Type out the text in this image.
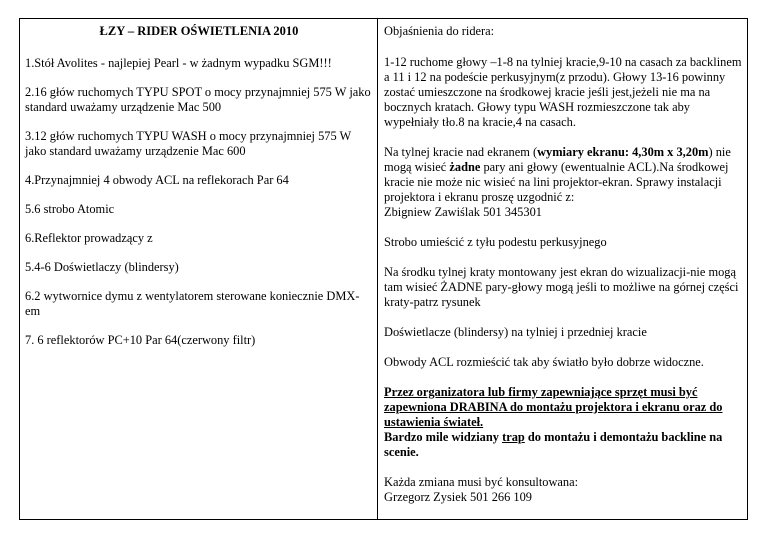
ŁZY – RIDER OŚWIETLENIA 2010

1.Stół Avolites - najlepiej Pearl - w żadnym wypadku SGM!!!

2.16 głów ruchomych TYPU SPOT o mocy przynajmniej 575 W jako standard uważamy urządzenie Mac 500

3.12 głów ruchomych TYPU WASH o mocy przynajmniej 575 W jako standard uważamy urządzenie Mac 600

4.Przynajmniej 4 obwody ACL na reflekorach Par 64

5.6 strobo Atomic

6.Reflektor prowadzący z

5.4-6 Doświetlaczy (blindersy)

6.2 wytwornice dymu z wentylatorem sterowane koniecznie DMX-em

7. 6 reflektorów PC+10 Par 64(czerwony filtr)

Objaśnienia do ridera:

1-12 ruchome głowy –1-8 na tylniej kracie,9-10 na casach za backlinem a 11 i 12 na podeście perkusyjnym(z przodu). Głowy 13-16 powinny zostać umieszczone na środkowej kracie jeśli jest,jeżeli nie ma na bocznych kratach. Głowy typu WASH rozmieszczone tak aby wypełniały tło.8 na kracie,4 na casach.

Na tylnej kracie nad ekranem (wymiary ekranu: 4,30m x 3,20m) nie mogą wisieć żadne pary ani głowy (ewentualnie ACL).Na środkowej kracie nie może nic wisieć na lini projektor-ekran. Sprawy instalacji projektora i ekranu proszę uzgodnić z:
Zbigniew Zawiślak 501 345301

Strobo umieścić z tyłu podestu perkusyjnego

Na środku tylnej kraty montowany jest ekran do wizualizacji-nie mogą tam wisieć ŻADNE pary-głowy mogą jeśli to możliwe na górnej części kraty-patrz rysunek

Doświetlacze (blindersy) na tylniej i przedniej kracie

Obwody ACL rozmieścić tak aby światło było dobrze widoczne.

Przez organizatora lub firmy zapewniające sprzęt musi być zapewniona DRABINA do montażu projektora i ekranu oraz do ustawienia świateł.
Bardzo mile widziany trap do montażu i demontażu backline na scenie.

Każda zmiana musi być konsultowana:
Grzegorz Zysiek 501 266 109
